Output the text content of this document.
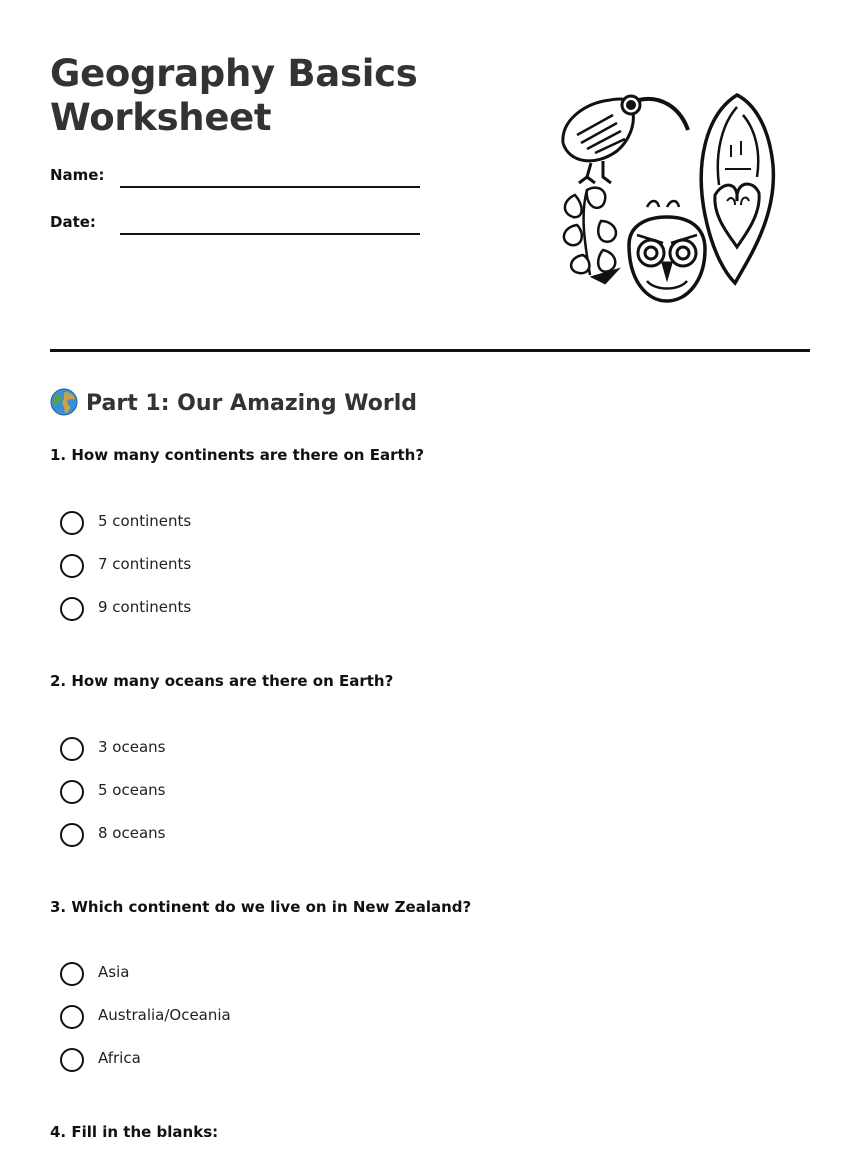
Geography Basics
Worksheet
Name:
Date:
Part 1: Our Amazing World

1. How many continents are there on Earth?

5 continents
7 continents
9 continents

2. How many oceans are there on Earth?

3 oceans
5 oceans
8 oceans

3. Which continent do we live on in New Zealand?

Asia
Australia/Oceania
Africa

4. Fill in the blanks:
